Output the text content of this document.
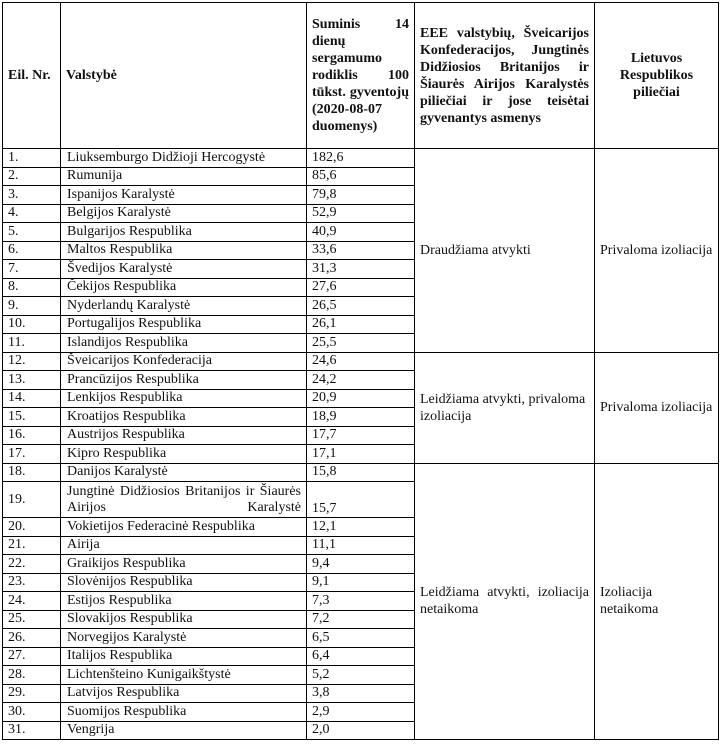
Eil. Nr.	Valstybė	Suminis 14 dienų sergamumo rodiklis 100 tūkst. gyventojų (2020-08-07 duomenys)	EEE valstybių, Šveicarijos Konfederacijos, Jungtinės Didžiosios Britanijos ir Šiaurės Airijos Karalystės piliečiai ir jose teisėtai gyvenantys asmenys	Lietuvos Respublikos piliečiai
1.	Liuksemburgo Didžioji Hercogystė	182,6	Draudžiama atvykti	Privaloma izoliacija
2.	Rumunija	85,6		
3.	Ispanijos Karalystė	79,8		
4.	Belgijos Karalystė	52,9		
5.	Bulgarijos Respublika	40,9		
6.	Maltos Respublika	33,6		
7.	Švedijos Karalystė	31,3		
8.	Čekijos Respublika	27,6		
9.	Nyderlandų Karalystė	26,5		
10.	Portugalijos Respublika	26,1		
11.	Islandijos Respublika	25,5		
12.	Šveicarijos Konfederacija	24,6	Leidžiama atvykti, privaloma izoliacija	Privaloma izoliacija
13.	Prancūzijos Respublika	24,2		
14.	Lenkijos Respublika	20,9		
15.	Kroatijos Respublika	18,9		
16.	Austrijos Respublika	17,7		
17.	Kipro Respublika	17,1		
18.	Danijos Karalystė	15,8	Leidžiama atvykti, izoliacija netaikoma	Izoliacija netaikoma
19.	Jungtinė Didžiosios Britanijos ir Šiaurės Airijos Karalystė	15,7		
20.	Vokietijos Federacinė Respublika	12,1		
21.	Airija	11,1		
22.	Graikijos Respublika	9,4		
23.	Slovėnijos Respublika	9,1		
24.	Estijos Respublika	7,3		
25.	Slovakijos Respublika	7,2		
26.	Norvegijos Karalystė	6,5		
27.	Italijos Respublika	6,4		
28.	Lichtenšteino Kunigaikštystė	5,2		
29.	Latvijos Respublika	3,8		
30.	Suomijos Respublika	2,9		
31.	Vengrija	2,0		
